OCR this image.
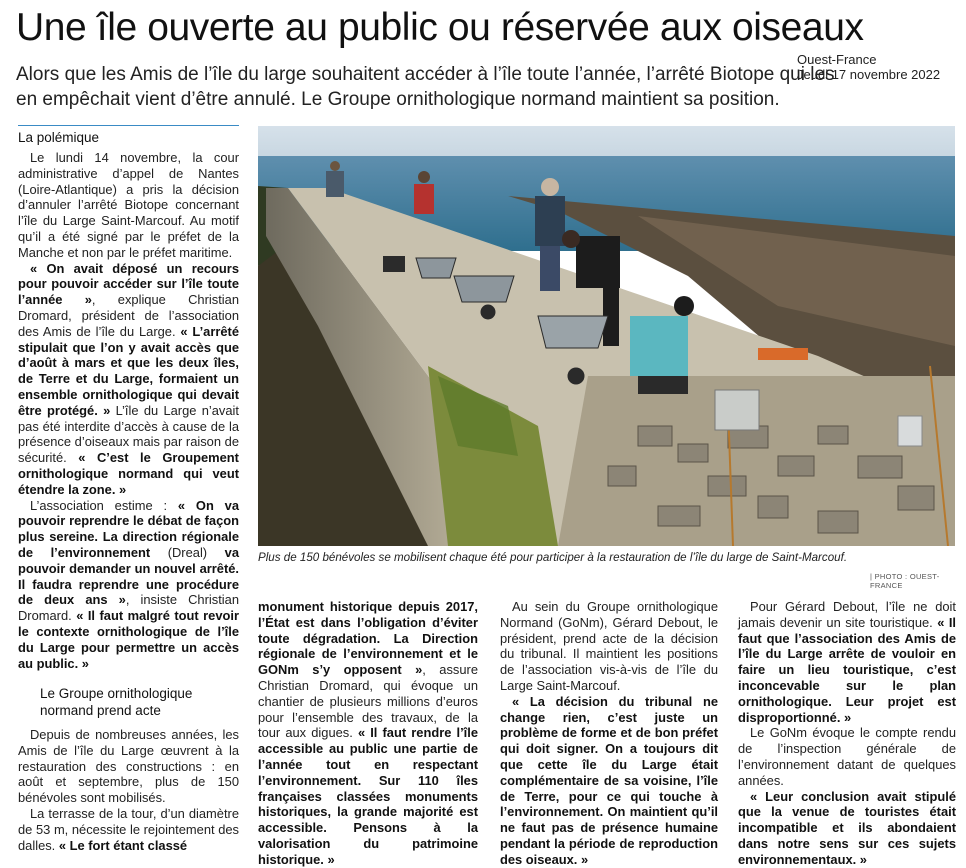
Une île ouverte au public ou réservée aux oiseaux
Alors que les Amis de l’île du large souhaitent accéder à l’île toute l’année, l’arrêté Biotope qui les en empêchait vient d’être annulé. Le Groupe ornithologique normand maintient sa position.
Ouest-France
Jeudi 17 novembre 2022
La polémique

Le lundi 14 novembre, la cour administrative d’appel de Nantes (Loire-Atlantique) a pris la décision d’annuler l’arrêté Biotope concernant l’île du Large Saint-Marcouf. Au motif qu’il a été signé par le préfet de la Manche et non par le préfet maritime.

« On avait déposé un recours pour pouvoir accéder sur l’île toute l’année », explique Christian Dromard, président de l’association des Amis de l’île du Large. « L’arrêté stipulait que l’on y avait accès que d’août à mars et que les deux îles, de Terre et du Large, formaient un ensemble ornithologique qui devait être protégé. » L’île du Large n’avait pas été interdite d’accès à cause de la présence d’oiseaux mais par raison de sécurité. « C’est le Groupement ornithologique normand qui veut étendre la zone. »

L’association estime : « On va pouvoir reprendre le débat de façon plus sereine. La direction régionale de l’environnement (Dreal) va pouvoir demander un nouvel arrêté. Il faudra reprendre une procédure de deux ans », insiste Christian Dromard. « Il faut malgré tout revoir le contexte ornithologique de l’île du Large pour permettre un accès au public. »

Le Groupe ornithologique normand prend acte

Depuis de nombreuses années, les Amis de l’île du Large œuvrent à la restauration des constructions : en août et septembre, plus de 150 bénévoles sont mobilisés.

La terrasse de la tour, d’un diamètre de 53 m, nécessite le rejointement des dalles. « Le fort étant classé

Plus de 150 bénévoles se mobilisent chaque été pour participer à la restauration de l’île du large de Saint-Marcouf.
| PHOTO : OUEST-FRANCE

monument historique depuis 2017, l’État est dans l’obligation d’éviter toute dégradation. La Direction régionale de l’environnement et le GONm s’y opposent », assure Christian Dromard, qui évoque un chantier de plusieurs millions d’euros pour l’ensemble des travaux, de la tour aux digues. « Il faut rendre l’île accessible au public une partie de l’année tout en respectant l’environnement. Sur 110 îles françaises classées monuments historiques, la grande majorité est accessible. Pensons à la valorisation du patrimoine historique. »

Au sein du Groupe ornithologique Normand (GoNm), Gérard Debout, le président, prend acte de la décision du tribunal. Il maintient les positions de l’association vis-à-vis de l’île du Large Saint-Marcouf.

« La décision du tribunal ne change rien, c’est juste un problème de forme et de bon préfet qui doit signer. On a toujours dit que cette île du Large était complémentaire de sa voisine, l’île de Terre, pour ce qui touche à l’environnement. On maintient qu’il ne faut pas de présence humaine pendant la période de reproduction des oiseaux. »

Pour Gérard Debout, l’île ne doit jamais devenir un site touristique. « Il faut que l’association des Amis de l’île du Large arrête de vouloir en faire un lieu touristique, c’est inconcevable sur le plan ornithologique. Leur projet est disproportionné. »

Le GoNm évoque le compte rendu de l’inspection générale de l’environnement datant de quelques années.

« Leur conclusion avait stipulé que la venue de touristes était incompatible et ils abondaient dans notre sens sur ces sujets environnementaux. »
